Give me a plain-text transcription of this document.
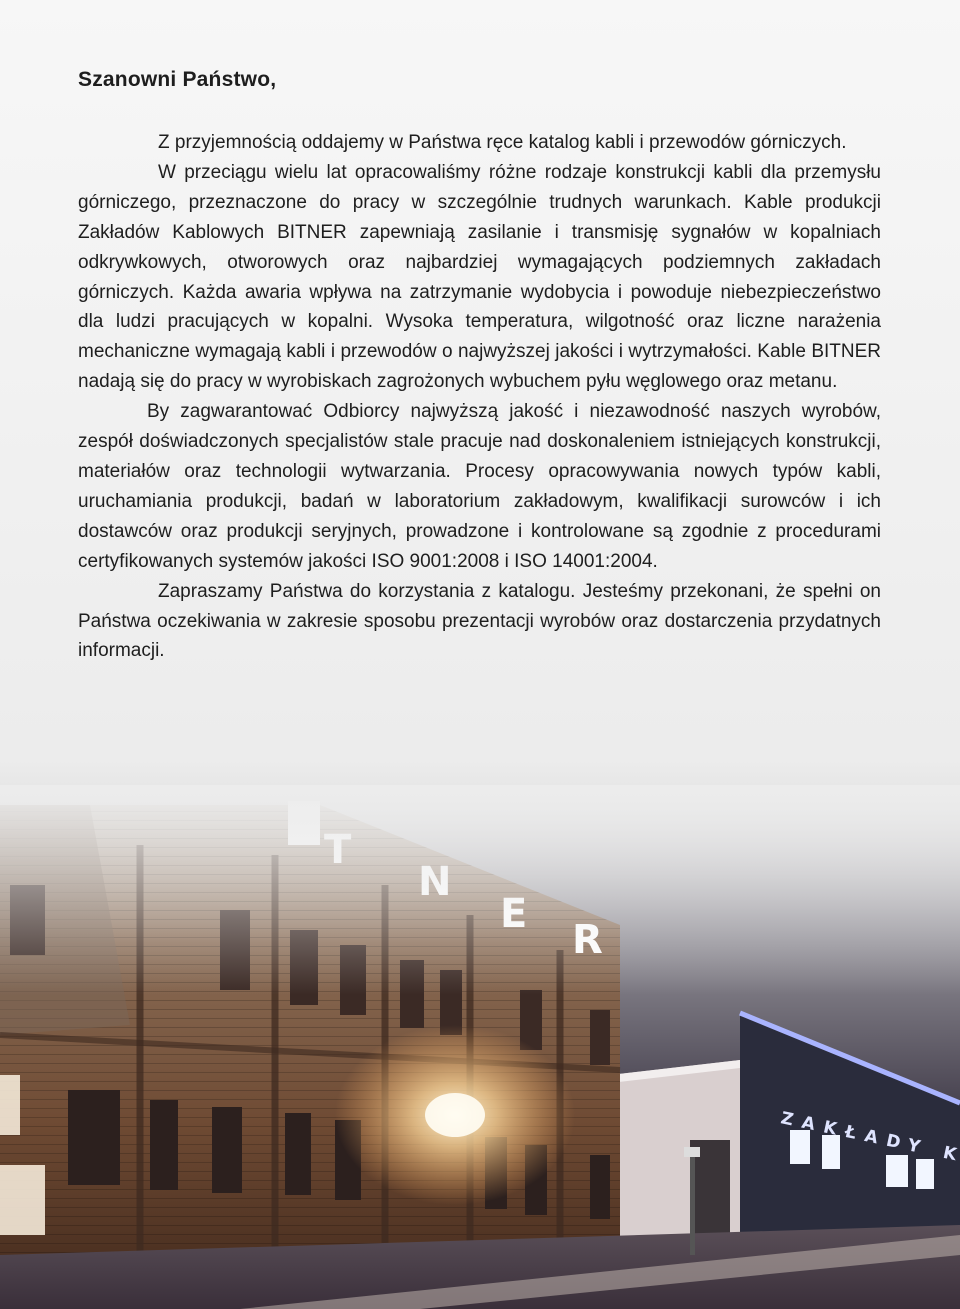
Szanowni Państwo,

Z przyjemnością oddajemy w Państwa ręce katalog kabli i przewodów górniczych.

W przeciągu wielu lat opracowaliśmy różne rodzaje konstrukcji kabli dla przemysłu górniczego, przeznaczone do pracy w szczególnie trudnych warunkach. Kable produkcji Zakładów Kablowych BITNER zapewniają zasilanie i transmisję sygnałów w kopalniach odkrywkowych, otworowych oraz najbardziej wymagających podziemnych zakładach górniczych. Każda awaria wpływa na zatrzymanie wydobycia i powoduje niebezpieczeństwo dla ludzi pracujących w kopalni. Wysoka temperatura, wilgotność oraz liczne narażenia mechaniczne wymagają kabli i przewodów o najwyższej jakości i wytrzymałości. Kable BITNER nadają się do pracy w wyrobiskach zagrożonych wybuchem pyłu węglowego oraz metanu.

By zagwarantować Odbiorcy najwyższą jakość i niezawodność naszych wyrobów, zespół doświadczonych specjalistów stale pracuje nad doskonaleniem istniejących konstrukcji, materiałów oraz technologii wytwarzania. Procesy opracowywania nowych typów kabli, uruchamiania produkcji, badań w laboratorium zakładowym, kwalifikacji surowców i ich dostawców oraz produkcji seryjnych, prowadzone i kontrolowane są zgodnie z procedurami certyfikowanych systemów jakości ISO 9001:2008 i ISO 14001:2004.

Zapraszamy Państwa do korzystania z katalogu. Jesteśmy przekonani, że spełni on Państwa oczekiwania w zakresie sposobu prezentacji wyrobów oraz dostarczenia przydatnych informacji.
